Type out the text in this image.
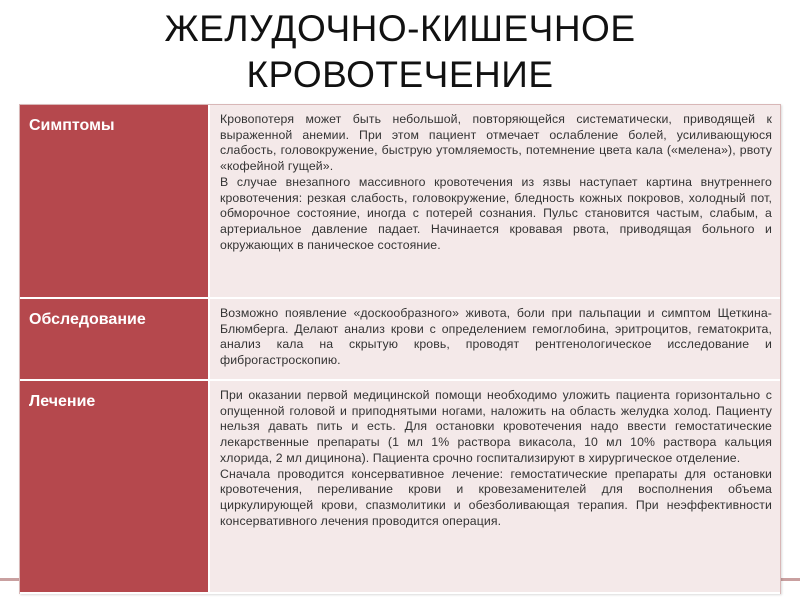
ЖЕЛУДОЧНО-КИШЕЧНОЕ
КРОВОТЕЧЕНИЕ
Симптомы	Кровопотеря может быть небольшой, повторяющейся систематически, приводящей к выраженной анемии. При этом пациент отмечает ослабление болей, усиливающуюся слабость, головокружение, быструю утомляемость, потемнение цвета кала («мелена»), рвоту «кофейной гущей».

В случае внезапного массивного кровотечения из язвы наступает картина внутреннего кровотечения: резкая слабость, головокружение, бледность кожных покровов, холодный пот, обморочное состояние, иногда с потерей сознания. Пульс становится частым, слабым, а артериальное давление падает. Начинается кровавая рвота, приводящая больного и окружающих в паническое состояние.

Обследование	Возможно появление «доскообразного» живота, боли при пальпации и симптом Щеткина-Блюмберга. Делают анализ крови с определением гемоглобина, эритроцитов, гематокрита, анализ кала на скрытую кровь, проводят рентгенологическое исследование и фиброгастроскопию.

Лечение	При оказании первой медицинской помощи необходимо уложить пациента горизонтально с опущенной головой и приподнятыми ногами, наложить на область желудка холод. Пациенту нельзя давать пить и есть. Для остановки кровотечения надо ввести гемостатические лекарственные препараты (1 мл 1% раствора викасола, 10 мл 10% раствора кальция хлорида, 2 мл дицинона). Пациента срочно госпитализируют в хирургическое отделение.

Сначала проводится консервативное лечение: гемостатические препараты для остановки кровотечения, переливание крови и кровезаменителей для восполнения объема циркулирующей крови, спазмолитики и обезболивающая терапия. При неэффективности консервативного лечения проводится операция.
